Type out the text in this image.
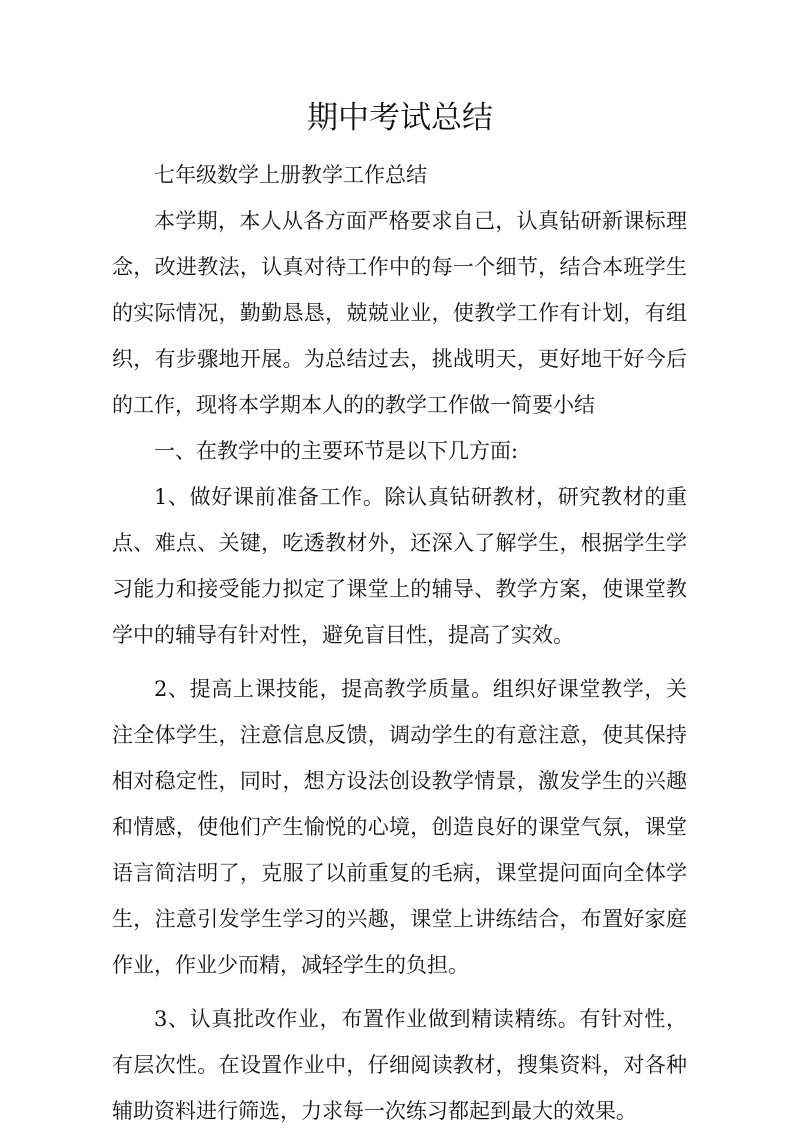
期中考试总结

七年级数学上册教学工作总结

本学期，本人从各方面严格要求自己，认真钻研新课标理念，改进教法，认真对待工作中的每一个细节，结合本班学生的实际情况，勤勤恳恳，兢兢业业，使教学工作有计划，有组织，有步骤地开展。为总结过去，挑战明天，更好地干好今后的工作，现将本学期本人的的教学工作做一简要小结

一、在教学中的主要环节是以下几方面:

1、做好课前准备工作。除认真钻研教材，研究教材的重点、难点、关键，吃透教材外，还深入了解学生，根据学生学习能力和接受能力拟定了课堂上的辅导、教学方案，使课堂教学中的辅导有针对性，避免盲目性，提高了实效。

2、提高上课技能，提高教学质量。组织好课堂教学，关注全体学生，注意信息反馈，调动学生的有意注意，使其保持相对稳定性，同时，想方设法创设教学情景，激发学生的兴趣和情感，使他们产生愉悦的心境，创造良好的课堂气氛，课堂语言简洁明了，克服了以前重复的毛病，课堂提问面向全体学生，注意引发学生学习的兴趣，课堂上讲练结合，布置好家庭作业，作业少而精，减轻学生的负担。

3、认真批改作业，布置作业做到精读精练。有针对性，有层次性。在设置作业中，仔细阅读教材，搜集资料，对各种辅助资料进行筛选，力求每一次练习都起到最大的效果。
